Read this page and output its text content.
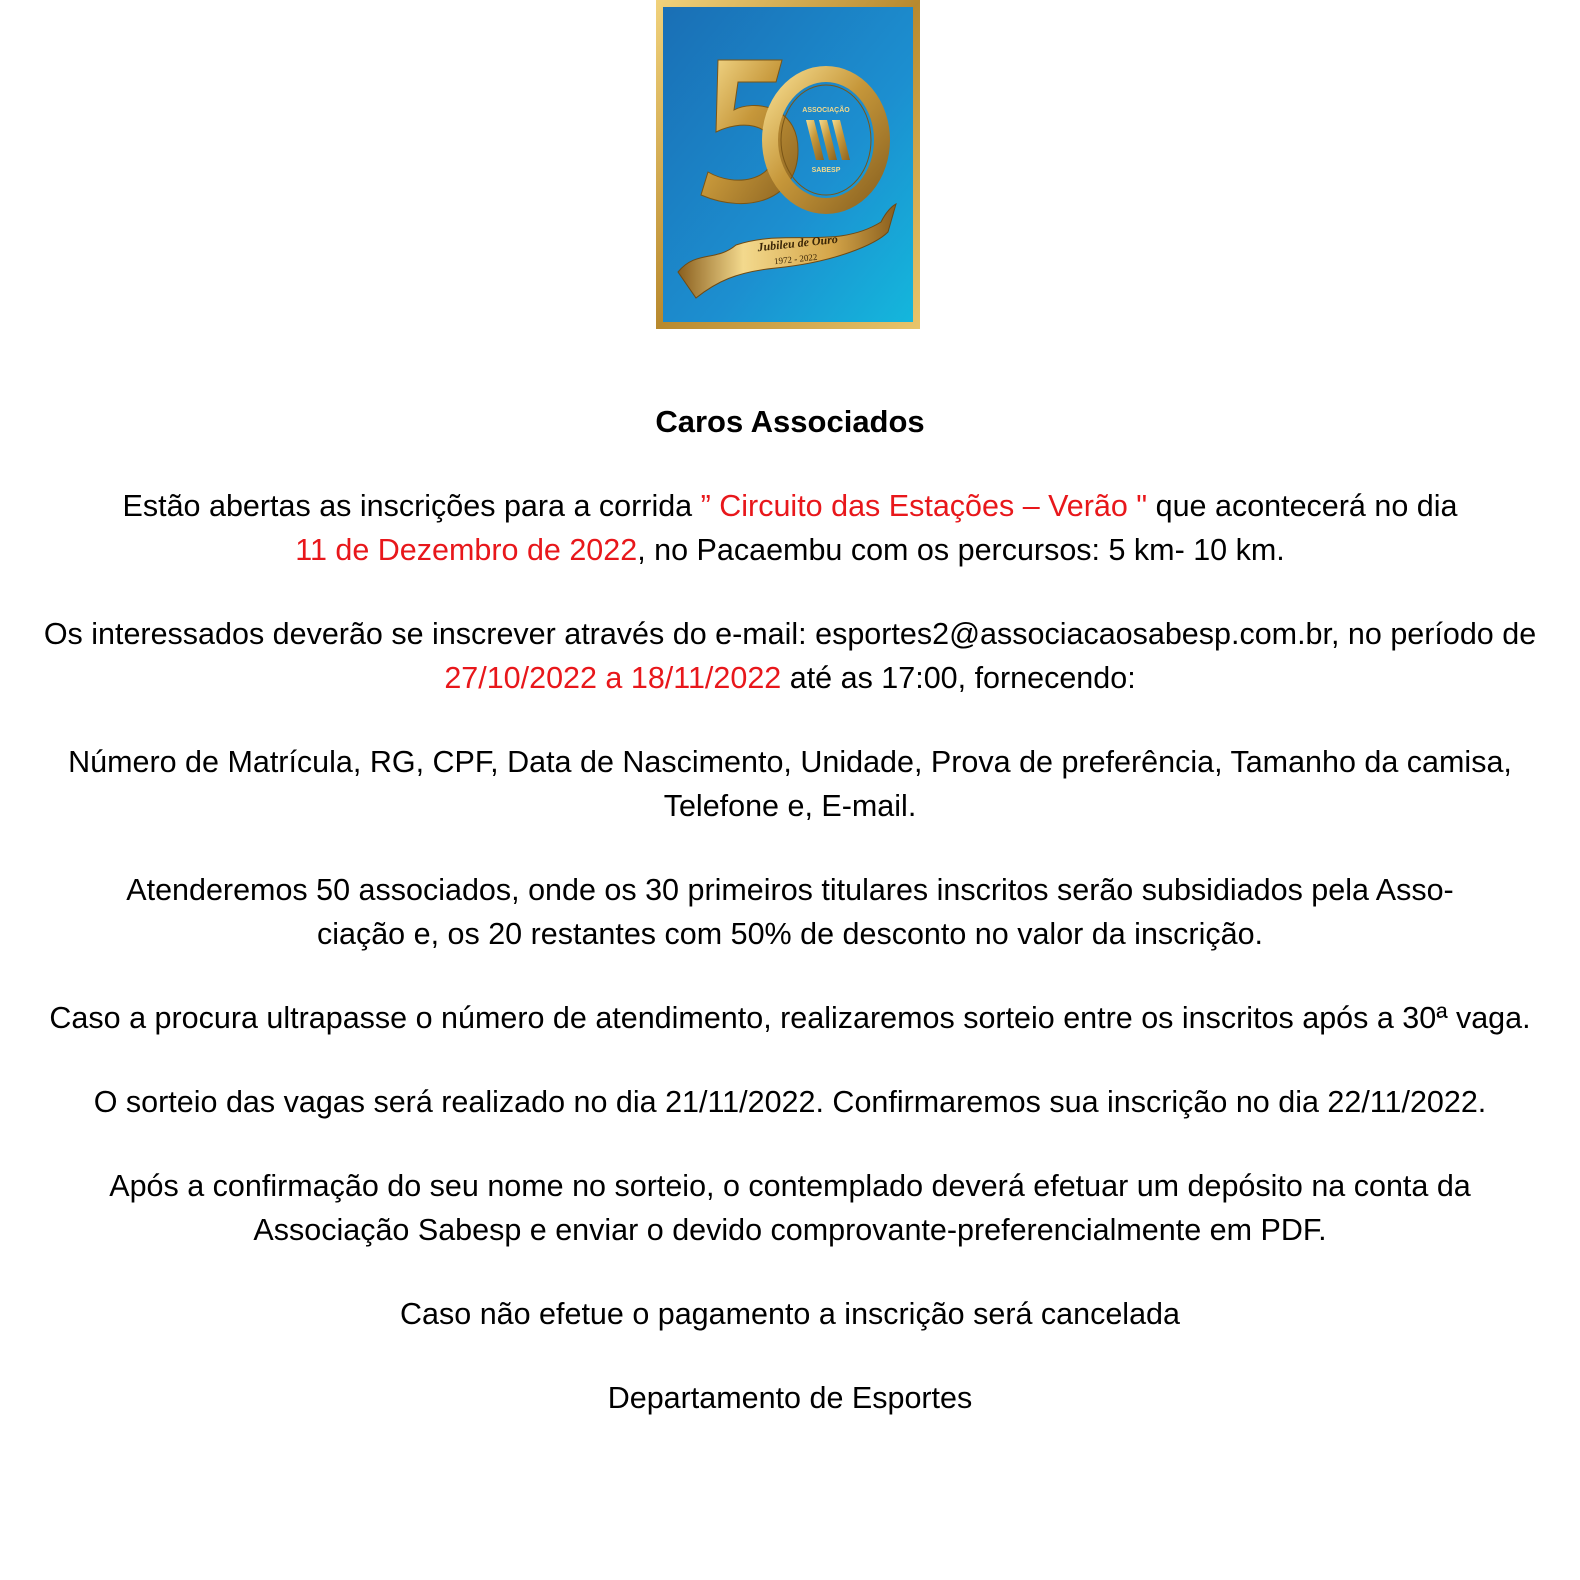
ASSOCIAÇÃO
SABESP
Jubileu de Ouro
1972 - 2022

Caros Associados

Estão abertas as inscrições para a corrida ” Circuito das Estações – Verão " que acontecerá no dia
11 de Dezembro de 2022, no Pacaembu com os percursos: 5 km- 10 km.

Os interessados deverão se inscrever através do e-mail: esportes2@associacaosabesp.com.br, no período de 27/10/2022 a 18/11/2022 até as 17:00, fornecendo:

Número de Matrícula, RG, CPF, Data de Nascimento, Unidade, Prova de preferência, Tamanho da camisa, Telefone e, E-mail.

Atenderemos 50 associados, onde os 30 primeiros titulares inscritos serão subsidiados pela Asso-
ciação e, os 20 restantes com 50% de desconto no valor da inscrição.

Caso a procura ultrapasse o número de atendimento, realizaremos sorteio entre os inscritos após a 30ª vaga.

O sorteio das vagas será realizado no dia 21/11/2022. Confirmaremos sua inscrição no dia 22/11/2022.

Após a confirmação do seu nome no sorteio, o contemplado deverá efetuar um depósito na conta da Associação Sabesp e enviar o devido comprovante-preferencialmente em PDF.

Caso não efetue o pagamento a inscrição será cancelada

Departamento de Esportes
